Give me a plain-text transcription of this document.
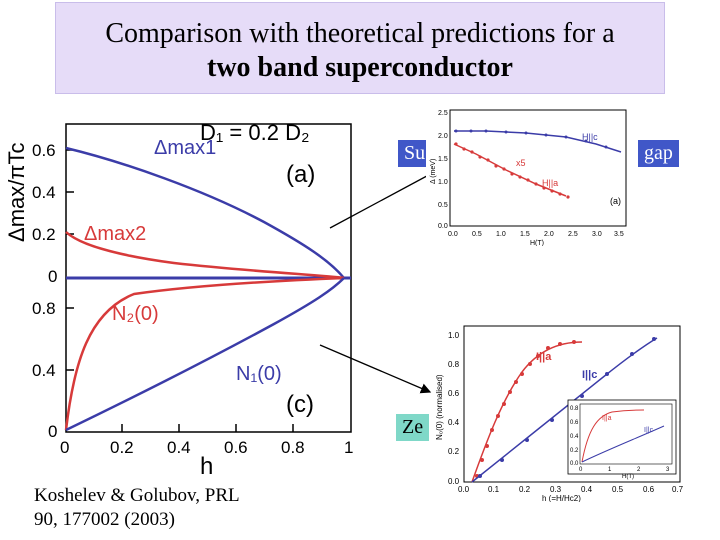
Comparison with theoretical predictions for a
two band superconductor
0.6
0.4
0.2
0
0.8
0.4
0
0 0.2 0.4 0.6 0.8 1
h
Δmax/πTc
D₁ = 0.2 D₂
(a)
(c)
Δmax1
Δmax2
N₂(0)
N₁(0)
Su	gap
Ze
2.5
2.0
1.5
1.0
0.5
0.0
0.0 0.5 1.0 1.5 2.0 2.5 3.0 3.5
H(T)
Δ (meV)
H||c
x5
H||a
(a)
1.0
0.8
0.6
0.4
0.2
0.0
0.0 0.1 0.2 0.3 0.4 0.5 0.6 0.7
h (=H/Hc2)
N₀(0) (normalised)
I||a
I||c
0.8
0.6
0.4
0.2
0.0
0	1	2	3
H(T)
I||a
I||c
Koshelev & Golubov, PRL
90, 177002 (2003)
